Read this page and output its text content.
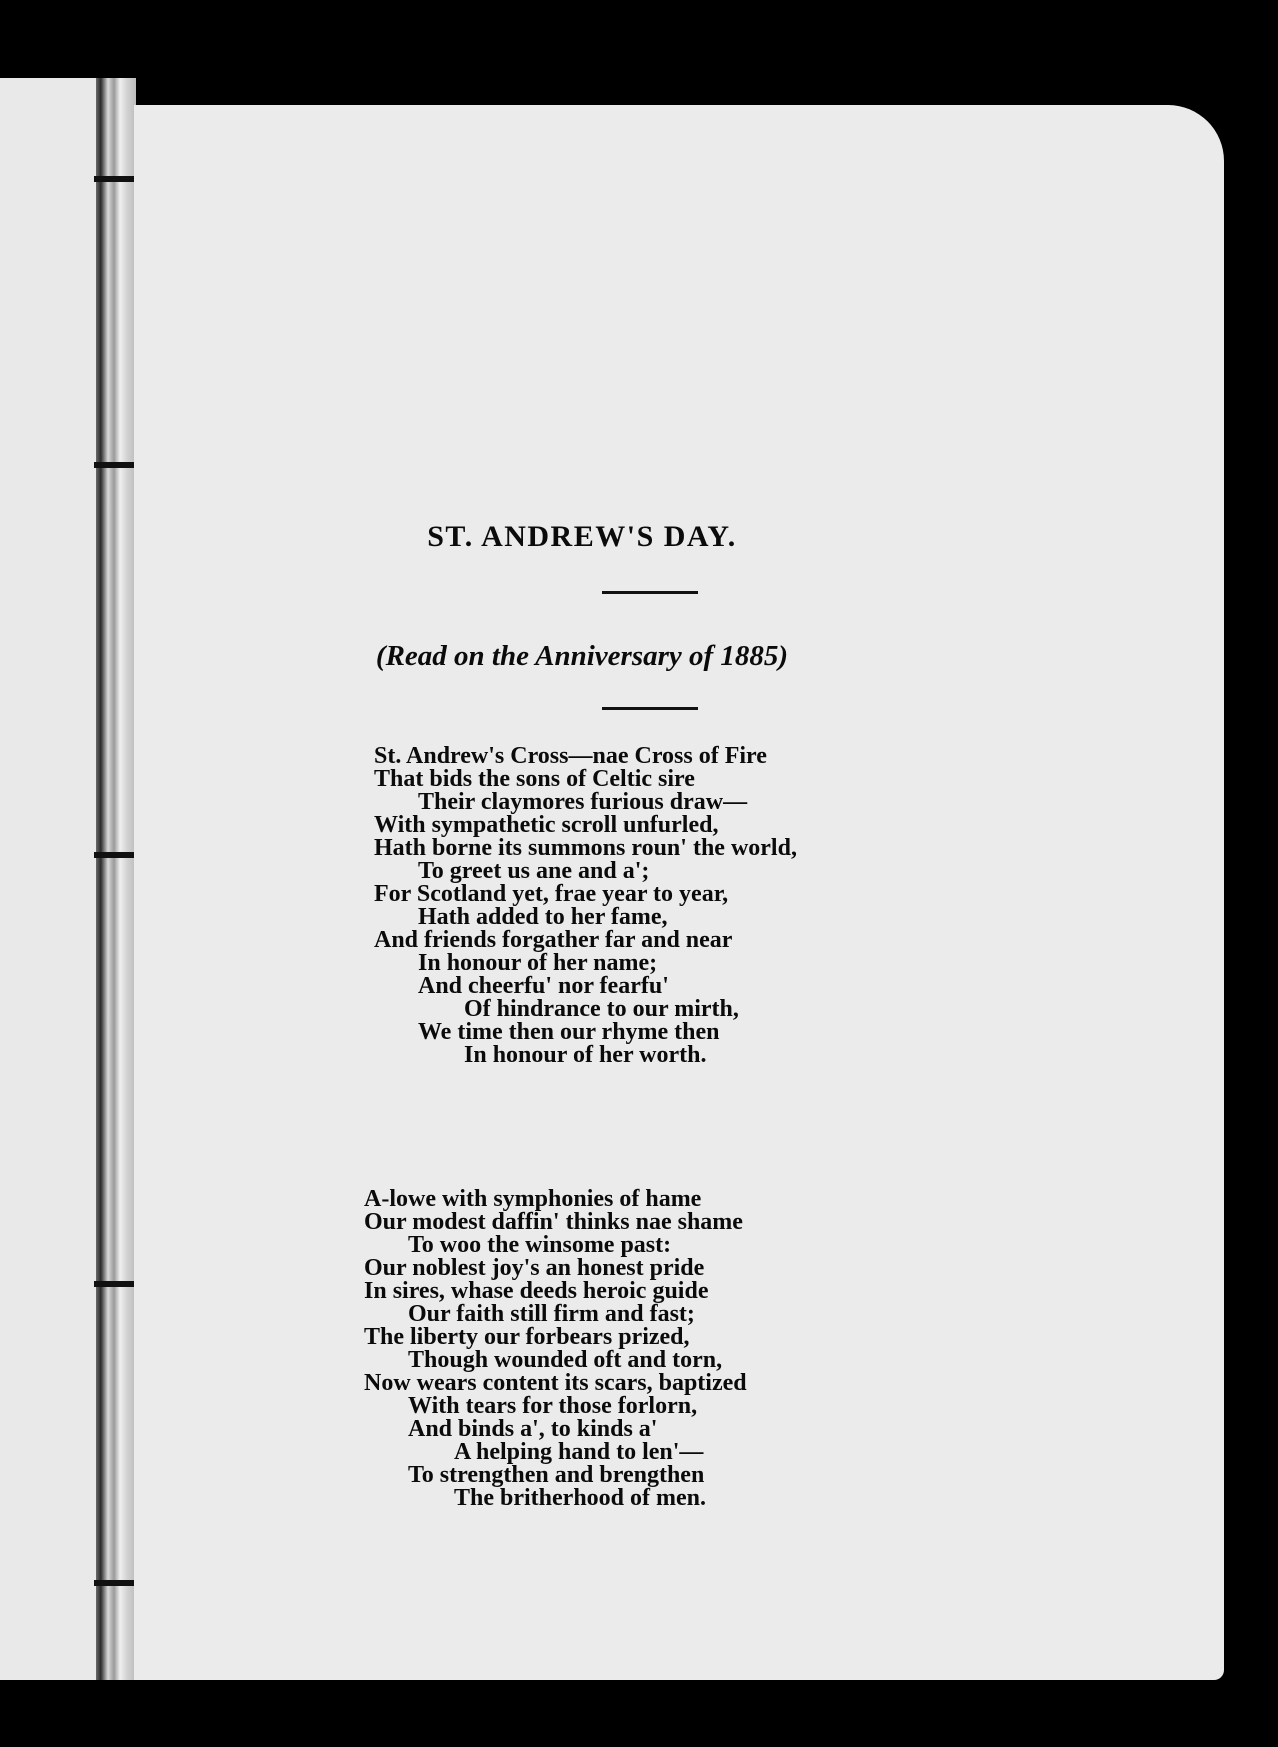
ST. ANDREW'S DAY.
(Read on the Anniversary of 1885)
St. Andrew's Cross—nae Cross of Fire
That bids the sons of Celtic sire
Their claymores furious draw—
With sympathetic scroll unfurled,
Hath borne its summons roun' the world,
To greet us ane and a';
For Scotland yet, frae year to year,
Hath added to her fame,
And friends forgather far and near
In honour of her name;
And cheerfu' nor fearfu'
Of hindrance to our mirth,
We time then our rhyme then
In honour of her worth.
A-lowe with symphonies of hame
Our modest daffin' thinks nae shame
To woo the winsome past:
Our noblest joy's an honest pride
In sires, whase deeds heroic guide
Our faith still firm and fast;
The liberty our forbears prized,
Though wounded oft and torn,
Now wears content its scars, baptized
With tears for those forlorn,
And binds a', to kinds a'
A helping hand to len'—
To strengthen and brengthen
The britherhood of men.
